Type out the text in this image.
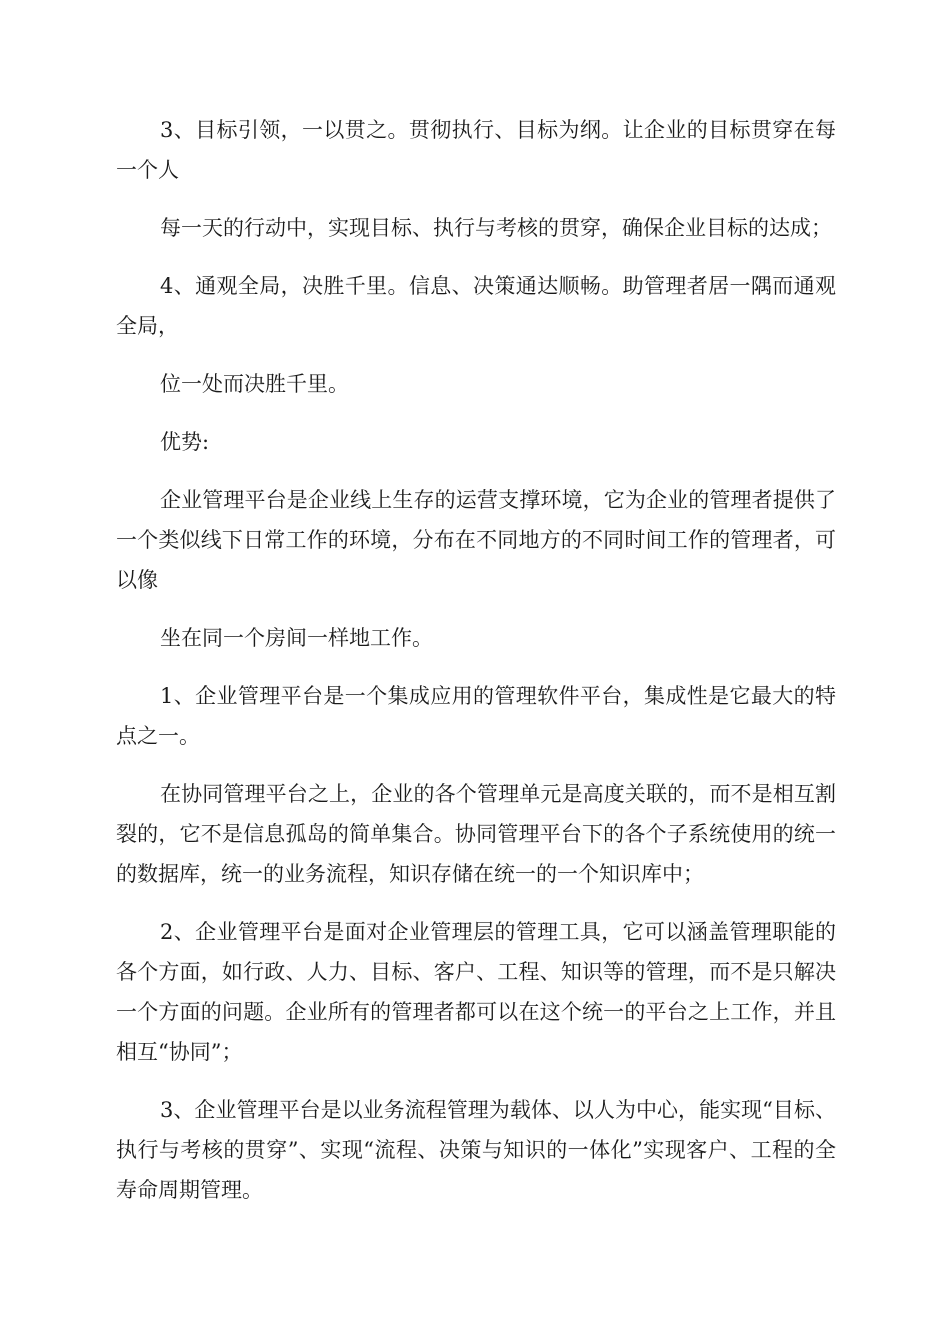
3、目标引领，一以贯之。贯彻执行、目标为纲。让企业的目标贯穿在每一个人

每一天的行动中，实现目标、执行与考核的贯穿，确保企业目标的达成；

4、通观全局，决胜千里。信息、决策通达顺畅。助管理者居一隅而通观全局，

位一处而决胜千里。

优势:

企业管理平台是企业线上生存的运营支撑环境，它为企业的管理者提供了一个类似线下日常工作的环境，分布在不同地方的不同时间工作的管理者，可以像

坐在同一个房间一样地工作。

1、企业管理平台是一个集成应用的管理软件平台，集成性是它最大的特点之一。

在协同管理平台之上，企业的各个管理单元是高度关联的，而不是相互割裂的，它不是信息孤岛的简单集合。协同管理平台下的各个子系统使用的统一的数据库，统一的业务流程，知识存储在统一的一个知识库中；

2、企业管理平台是面对企业管理层的管理工具，它可以涵盖管理职能的各个方面，如行政、人力、目标、客户、工程、知识等的管理，而不是只解决一个方面的问题。企业所有的管理者都可以在这个统一的平台之上工作，并且相互“协同”；

3、企业管理平台是以业务流程管理为载体、以人为中心，能实现“目标、执行与考核的贯穿”、实现“流程、决策与知识的一体化”实现客户、工程的全寿命周期管理。
